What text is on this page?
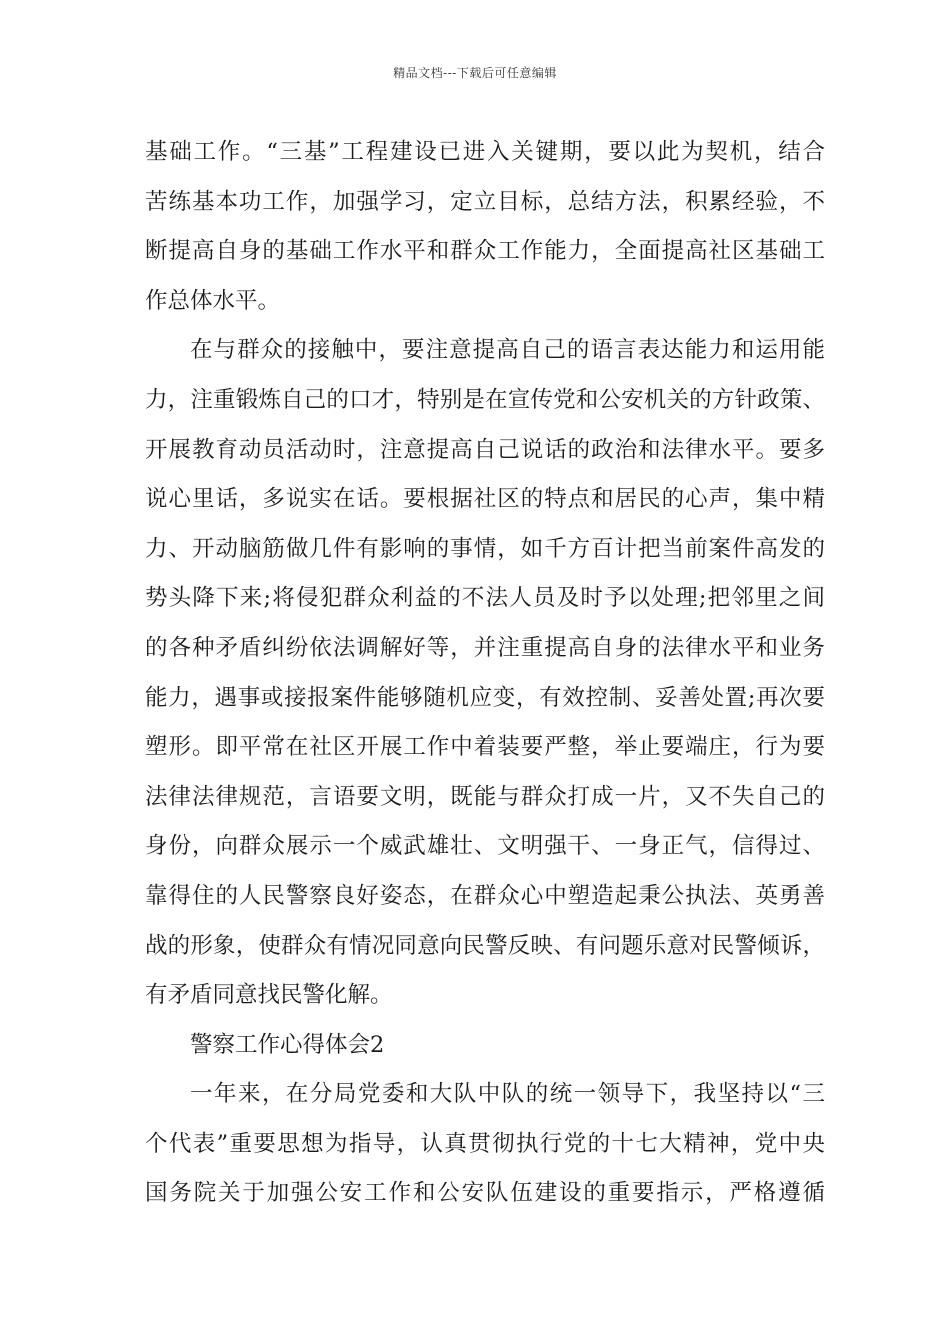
精品文档---下载后可任意编辑
基础工作。“三基”工程建设已进入关键期，要以此为契机，结合
苦练基本功工作，加强学习，定立目标，总结方法，积累经验，不
断提高自身的基础工作水平和群众工作能力，全面提高社区基础工
作总体水平。
在与群众的接触中，要注意提高自己的语言表达能力和运用能
力，注重锻炼自己的口才，特别是在宣传党和公安机关的方针政策、
开展教育动员活动时，注意提高自己说话的政治和法律水平。要多
说心里话，多说实在话。要根据社区的特点和居民的心声，集中精
力、开动脑筋做几件有影响的事情，如千方百计把当前案件高发的
势头降下来;将侵犯群众利益的不法人员及时予以处理;把邻里之间
的各种矛盾纠纷依法调解好等，并注重提高自身的法律水平和业务
能力，遇事或接报案件能够随机应变，有效控制、妥善处置;再次要
塑形。即平常在社区开展工作中着装要严整，举止要端庄，行为要
法律法律规范，言语要文明，既能与群众打成一片，又不失自己的
身份，向群众展示一个威武雄壮、文明强干、一身正气，信得过、
靠得住的人民警察良好姿态，在群众心中塑造起秉公执法、英勇善
战的形象，使群众有情况同意向民警反映、有问题乐意对民警倾诉，
有矛盾同意找民警化解。
警察工作心得体会2
一年来，在分局党委和大队中队的统一领导下，我坚持以“三
个代表”重要思想为指导，认真贯彻执行党的十七大精神，党中央
国务院关于加强公安工作和公安队伍建设的重要指示，严格遵循
